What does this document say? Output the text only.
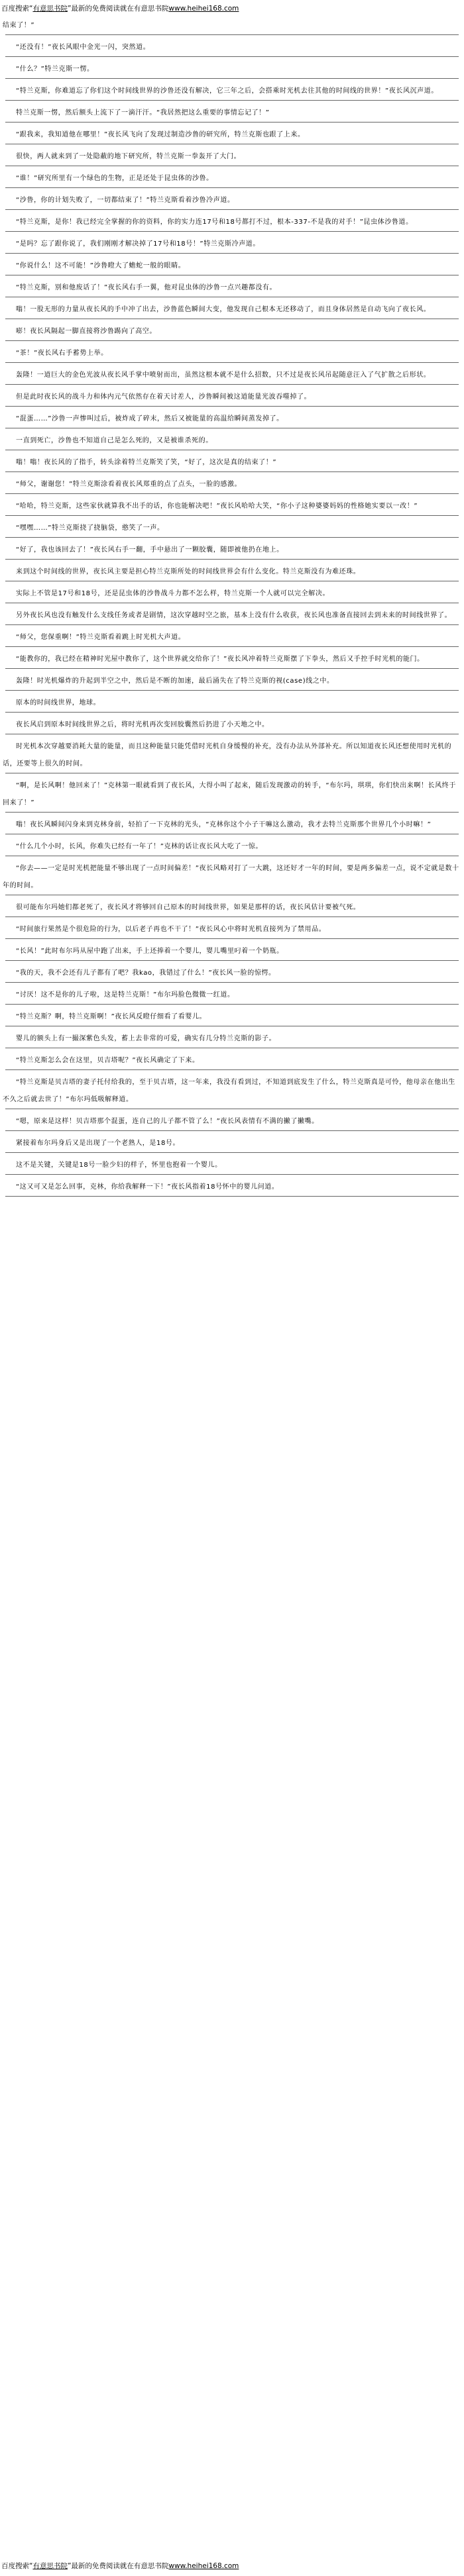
百度搜索“有意思书院”最新的免费阅读就在有意思书院www.heihei168.com

结束了！”

“还没有！”夜长风眼中金光一闪，突然道。

“什么？”特兰克斯一愣。

“特兰克斯，你难道忘了你们这个时间线世界的沙鲁还没有解决，它三年之后，会搭乘时光机去往其他的时间线的世界！”夜长风沉声道。

特兰克斯一愣，然后额头上流下了一滴汗汗。“我居然把这么重要的事情忘记了！”

“跟我来，我知道他在哪里！”夜长风飞向了发现过制造沙鲁的研究所，特兰克斯也跟了上来。

很快，两人就来到了一处隐蔽的地下研究所，特兰克斯一拳轰开了大门。

“谁！”研究所里有一个绿色的生物，正是还处于昆虫体的沙鲁。

“沙鲁，你的计划失败了，一切都结束了！”特兰克斯看着沙鲁冷声道。

“特兰克斯，是你！我已经完全掌握的你的资料，你的实力连17号和18号都打不过，根本-337-不是我的对手！”昆虫体沙鲁道。

“是吗？忘了跟你说了，我们刚刚才解决掉了17号和18号！”特兰克斯冷声道。

“你说什么！这不可能！”沙鲁瞪大了蟾蛇一般的眼睛。

“特兰克斯，别和他废话了！”夜长风右手一翼，他对昆虫体的沙鲁一点兴趣都没有。

嗡！一股无形的力量从夜长风的手中冲了出去，沙鲁蓝色瞬间大变，他发现自己根本无还移动了，而且身体居然是自动飞向了夜长风。

嘭！夜长风隔起一脚直接将沙鲁踢向了高空。

“茶！”夜长风右手蓄势上举。

轰隆！一道巨大的金色光波从夜长风手掌中喷射而出，虽然这根本就不是什么招数，只不过是夜长风吊起随意汪入了气扩散之后形状。

但是此时夜长风的战斗力和体内元气依然存在着天讨差人，沙鲁瞬间被这道能量光波吞噬掉了。

“混蛋……”沙鲁一声惨叫过后，被炸成了碎末，然后又被能量的高温给瞬间蒸发掉了。

一直到死亡，沙鲁也不知道自己是怎么死的，又是被谁杀死的。

嗡！嗡！夜长风的了指手，转头涂着特兰克斯笑了笑，“好了，这次是真的结束了！”

“师父，谢谢您！”特兰克斯涂看着夜长风郑重的点了点头，一脸的感激。

“哈哈，特兰克斯，这些家伙就算我不出手的话，你也能解决吧！”夜长风哈哈大笑，“你小子这种婆婆妈妈的性格她实要以一改！”

“嘿嘿……”特兰克斯挠了挠脑袋，憨笑了一声。

“好了，我也该回去了！”夜长风右手一翻，手中悬出了一颗胶囊，随即被他扔在地上。

来到这个时间线的世界，夜长风主要是担心特兰克斯所处的时间线世界会有什么变化。特兰克斯没有为难还珠。

实际上不管是17号和18号，还是昆虫体的沙鲁战斗力都不怎么样，特兰克斯一个人就可以完全解决。

另外夜长风也没有触发什么支线任务或者是剧情，这次穿越时空之旅，基本上没有什么收获，夜长风也准备直接回去到未来的时间线世界了。

“师父，您保重啊！”特兰克斯看着跳上时光机大声道。

“能教你的，我已经在精神时光屋中教你了，这个世界就交给你了！”夜长风冲着特兰克斯摆了下拳头，然后又手控手时光机的能门。

轰隆！时光机爆炸的升起到半空之中，然后是不断的加速，最后涌失在了特兰克斯的视(case)线之中。

原本的时间线世界，地球。

夜长风启到原本时间线世界之后，将时光机再次变回胶囊然后扔进了小天地之中。

时光机本次穿越要消耗大量的能量，而且这种能量只能凭借时光机自身缓慢的补充，没有办法从外部补充。所以知道夜长风还想使用时光机的话，还要等上很久的时间。

“啊，是长风啊！他回来了！”克林第一眼就看到了夜长风，大得小叫了起来，随后发现激动的转手，“布尔玛，琪琪，你们快出来啊！长风终于回来了！”

嗡！夜长风瞬间闪身来到克林身前，轻拍了一下克林的光头，“克林你这个小子干嘛这么激动，我才去特兰克斯那个世界几个小时嘛！”

“什么几个小时，长风，你难失已经有一年了！”克林的话让夜长风大吃了一惊。

“你去——一定是时光机把能量不够出现了一点时间偏差！”夜长风略对打了一大跳，这还好才一年的时间，要是两多偏差一点，说不定就是数十年的时间。

很可能布尔玛她们都老死了，夜长风才将够回自己原本的时间线世界，如果是那样的话，夜长风估计要被气死。

“时间旅行果然是个很危险的行为，以后老子再也不干了！”夜长风心中将时光机直接列为了禁用品。

“长风！”此时布尔玛从屋中跑了出来，手上还捧着一个婴儿，婴儿嘴里叼着一个奶瓶。

“我的天，我不会还有儿子都有了吧？我kao，我错过了什么！”夜长风一脸的惊愕。

“讨厌！这不是你的儿子啦，这是特兰克斯！”布尔玛脸色微微一红道。

“特兰克斯？啊，特兰克斯啊！”夜长风反瞪仔细看了看婴儿。

婴儿的额头上有一撮深紫色头发，蓄上去非常的可爱，确实有几分特兰克斯的影子。

“特兰克斯怎么会在这里，贝吉塔呢？”夜长风确定了下来。

“特兰克斯是贝吉塔的妻子托付给我的，至于贝吉塔，这一年来，我没有看到过，不知道到底发生了什么，特兰克斯真是可怜，他母亲在他出生不久之后就去世了！”布尔玛低吸解释道。

“嗯，原来是这样！贝吉塔那个混蛋，连自己的儿子都不管了么！”夜长风表情有不满的撇了撇嘴。

紧接着布尔玛身后又是出现了一个老熟人，是18号。

这不是关键，关键是18号一脸少妇的样子，怀里也抱着一个婴儿。

“这又可又是怎么回事，克林，你给我解释一下！”夜长风指着18号怀中的婴儿问道。

百度搜索“有意思书院”最新的免费阅读就在有意思书院www.heihei168.com
